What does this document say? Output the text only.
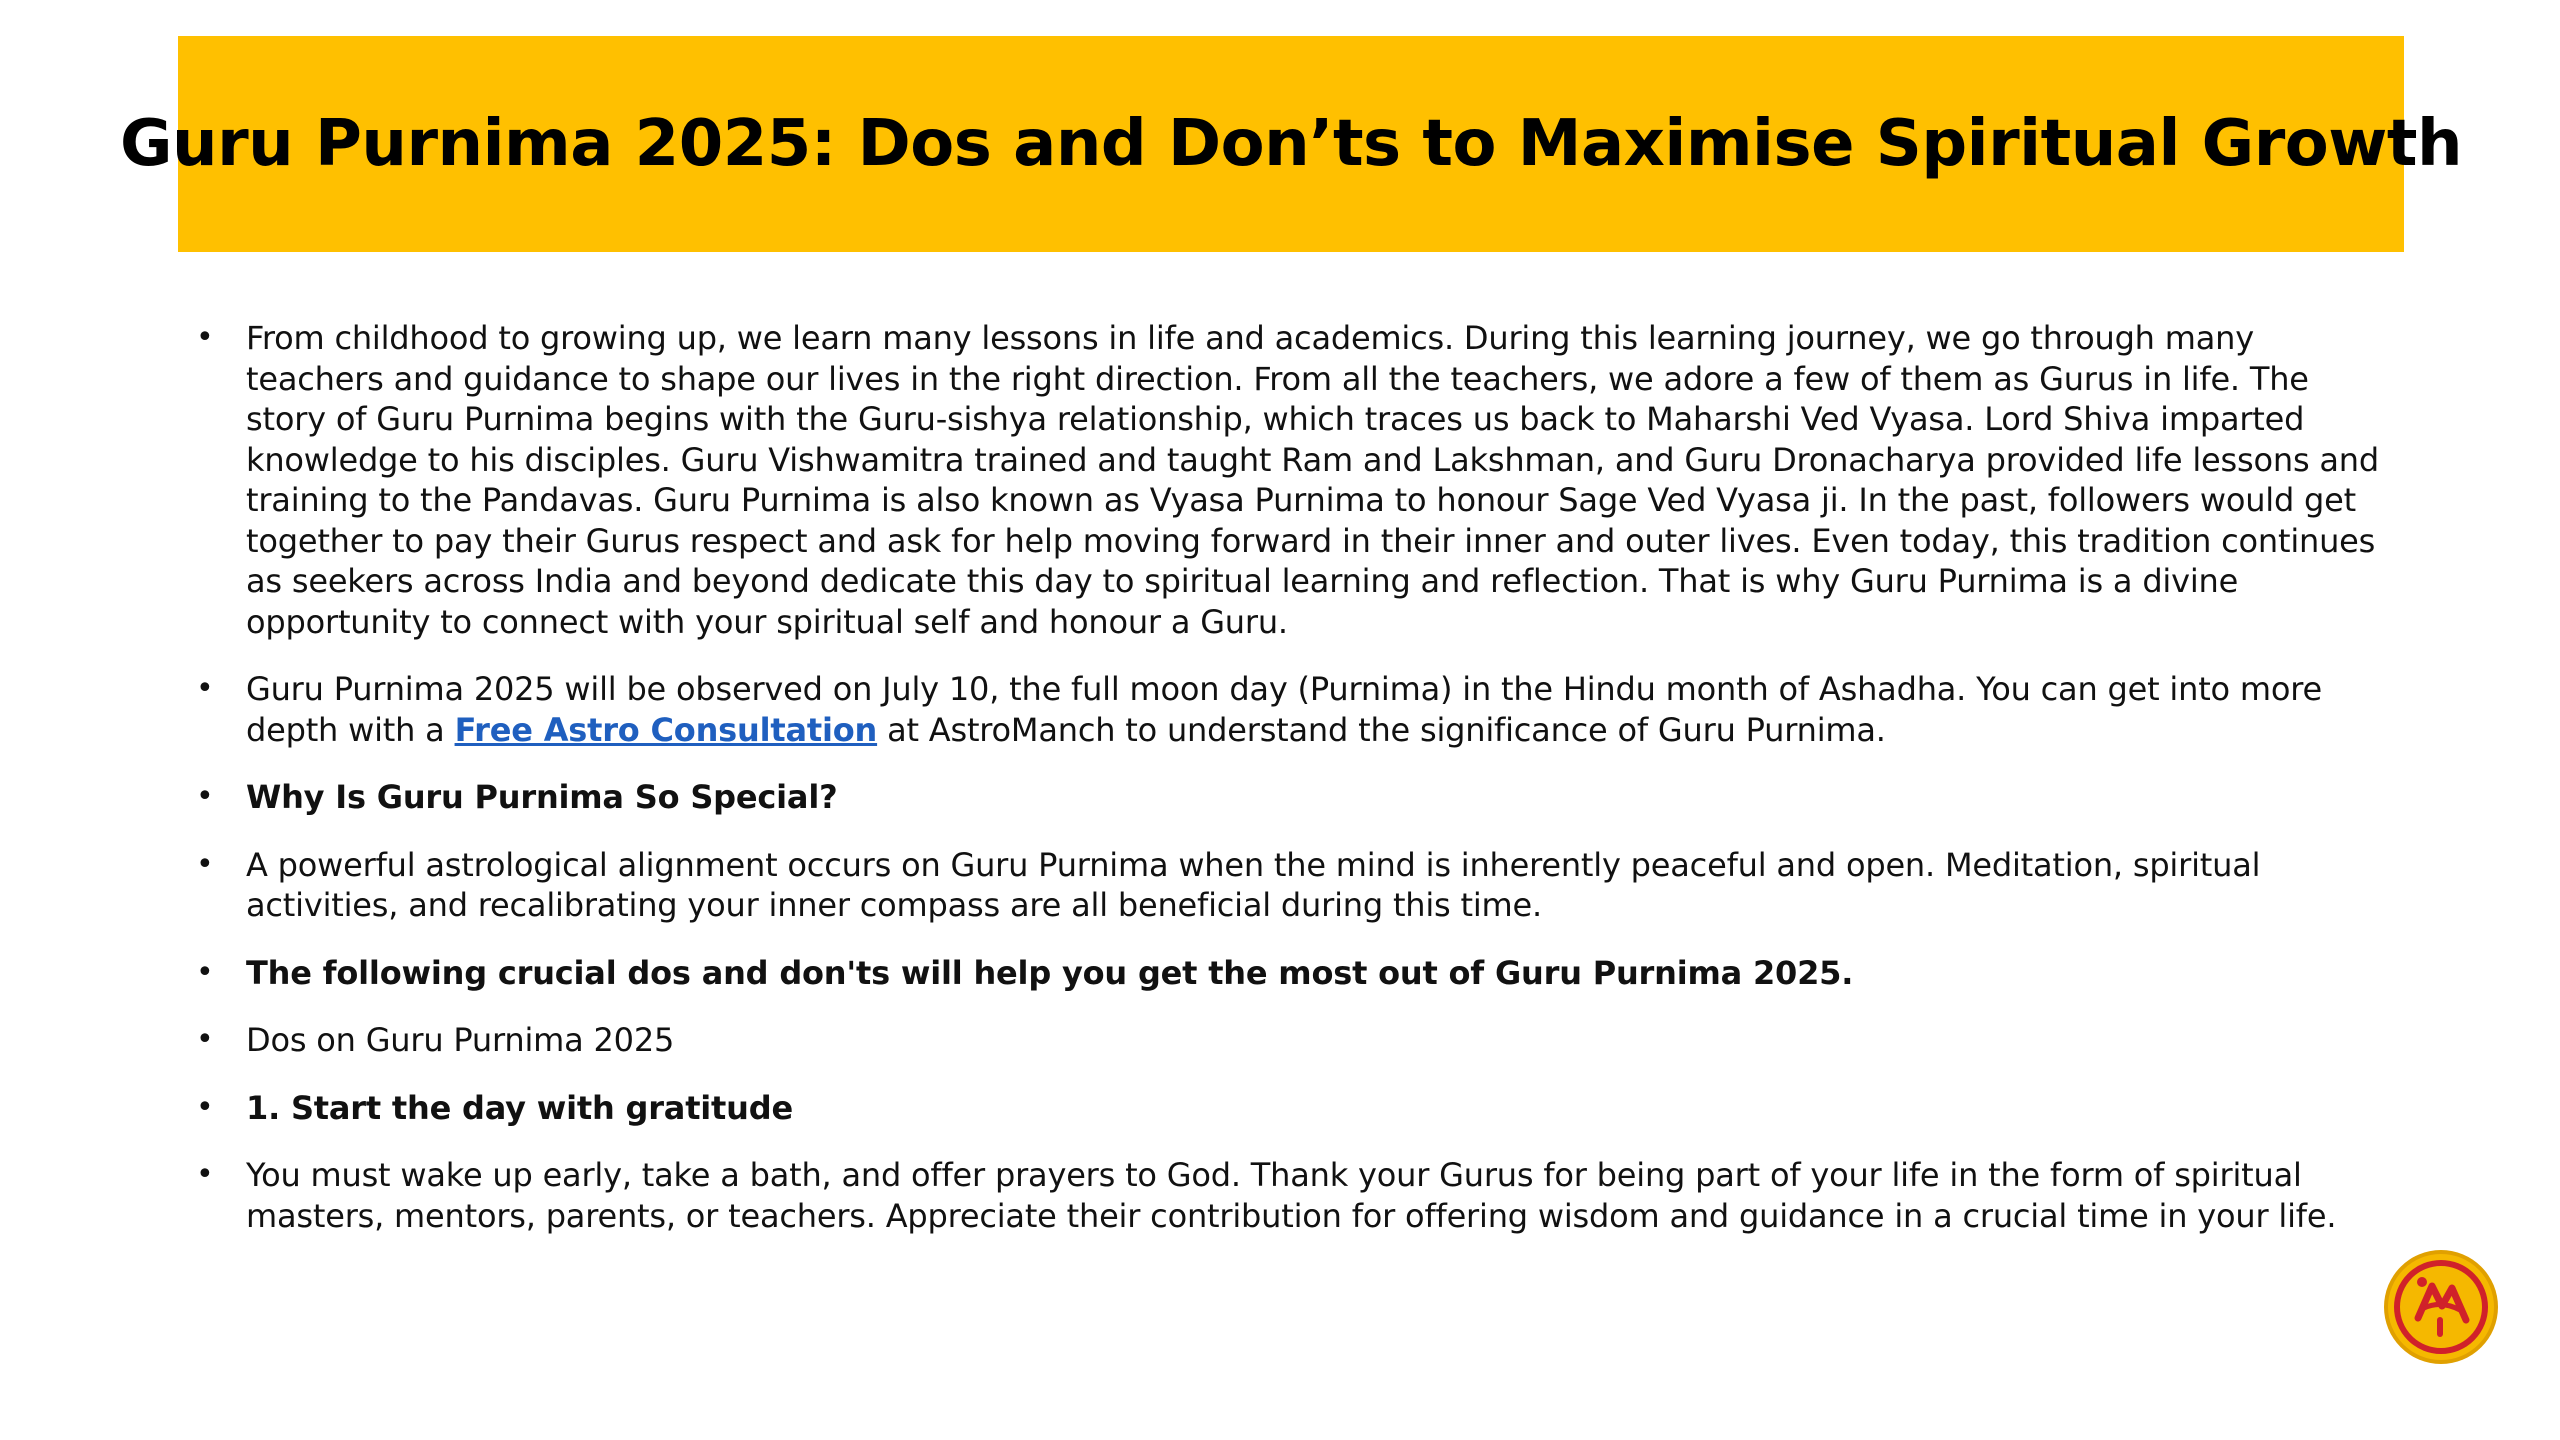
Guru Purnima 2025: Dos and Don’ts to Maximise Spiritual Growth
• From childhood to growing up, we learn many lessons in life and academics. During this learning journey, we go through many teachers and guidance to shape our lives in the right direction. From all the teachers, we adore a few of them as Gurus in life. The story of Guru Purnima begins with the Guru-sishya relationship, which traces us back to Maharshi Ved Vyasa. Lord Shiva imparted knowledge to his disciples. Guru Vishwamitra trained and taught Ram and Lakshman, and Guru Dronacharya provided life lessons and training to the Pandavas. Guru Purnima is also known as Vyasa Purnima to honour Sage Ved Vyasa ji. In the past, followers would get together to pay their Gurus respect and ask for help moving forward in their inner and outer lives. Even today, this tradition continues as seekers across India and beyond dedicate this day to spiritual learning and reflection. That is why Guru Purnima is a divine opportunity to connect with your spiritual self and honour a Guru.
• Guru Purnima 2025 will be observed on July 10, the full moon day (Purnima) in the Hindu month of Ashadha. You can get into more depth with a Free Astro Consultation at AstroManch to understand the significance of Guru Purnima.
• Why Is Guru Purnima So Special?
• A powerful astrological alignment occurs on Guru Purnima when the mind is inherently peaceful and open. Meditation, spiritual activities, and recalibrating your inner compass are all beneficial during this time.
• The following crucial dos and don'ts will help you get the most out of Guru Purnima 2025.
• Dos on Guru Purnima 2025
• 1. Start the day with gratitude
• You must wake up early, take a bath, and offer prayers to God. Thank your Gurus for being part of your life in the form of spiritual masters, mentors, parents, or teachers. Appreciate their contribution for offering wisdom and guidance in a crucial time in your life.
